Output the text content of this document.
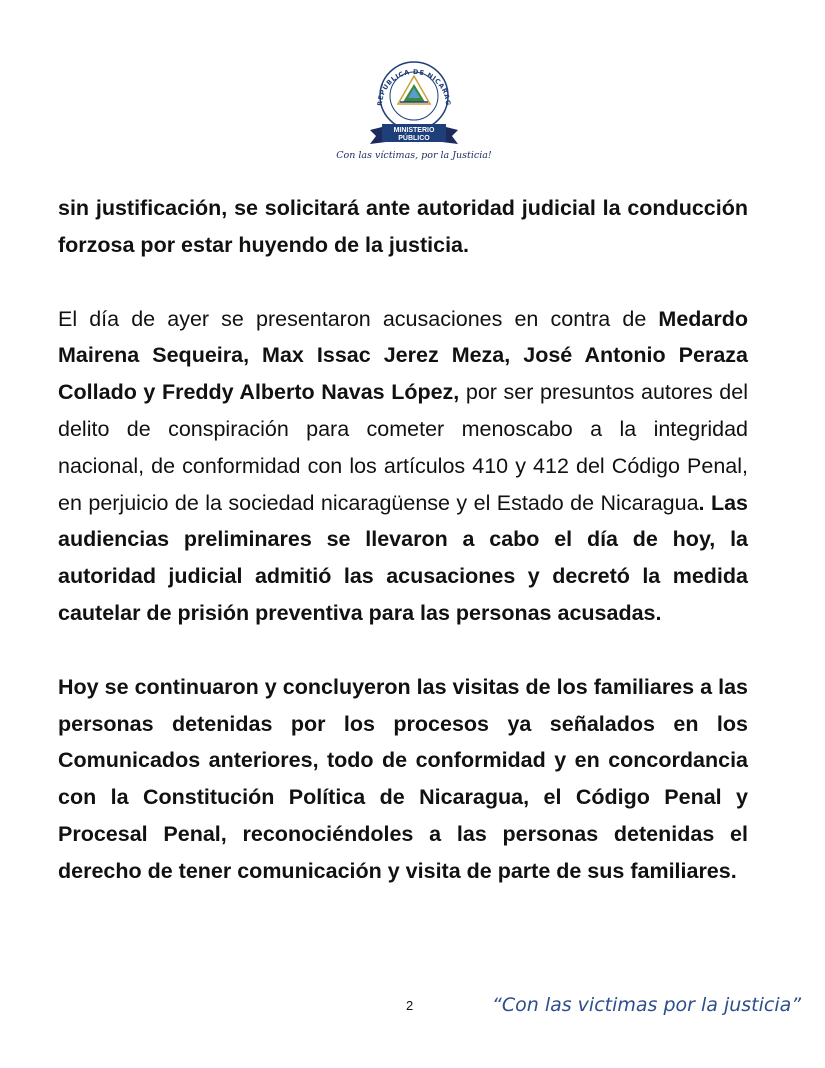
REPÚBLICA DE NICARAG
MINISTERIO
PÚBLICO
Con las víctimas, por la Justicia!

sin justificación, se solicitará ante autoridad judicial la conducción forzosa por estar huyendo de la justicia.

El día de ayer se presentaron acusaciones en contra de Medardo Mairena Sequeira, Max Issac Jerez Meza, José Antonio Peraza Collado y Freddy Alberto Navas López, por ser presuntos autores del delito de conspiración para cometer menoscabo a la integridad nacional, de conformidad con los artículos 410 y 412 del Código Penal, en perjuicio de la sociedad nicaragüense y el Estado de Nicaragua. Las audiencias preliminares se llevaron a cabo el día de hoy, la autoridad judicial admitió las acusaciones y decretó la medida cautelar de prisión preventiva para las personas acusadas.

Hoy se continuaron y concluyeron las visitas de los familiares a las personas detenidas por los procesos ya señalados en los Comunicados anteriores, todo de conformidad y en concordancia con la Constitución Política de Nicaragua, el Código Penal y Procesal Penal, reconociéndoles a las personas detenidas el derecho de tener comunicación y visita de parte de sus familiares.

2	“Con las victimas por la justicia”
